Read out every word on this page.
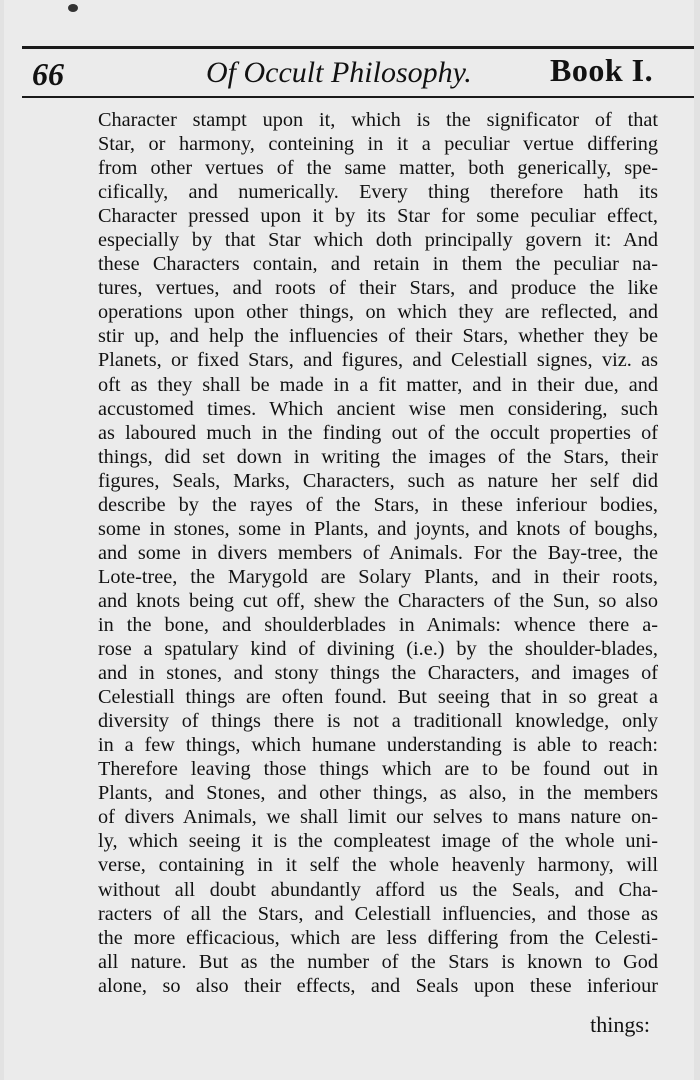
66	Of Occult Philosophy. Book I.
Character stampt upon it, which is the significator of that
Star, or harmony, conteining in it a peculiar vertue differing
from other vertues of the same matter, both generically, spe-
cifically, and numerically. Every thing therefore hath its
Character pressed upon it by its Star for some peculiar effect,
especially by that Star which doth principally govern it: And
these Characters contain, and retain in them the peculiar na-
tures, vertues, and roots of their Stars, and produce the like
operations upon other things, on which they are reflected, and
stir up, and help the influencies of their Stars, whether they be
Planets, or fixed Stars, and figures, and Celestiall signes, viz. as
oft as they shall be made in a fit matter, and in their due, and
accustomed times. Which ancient wise men considering, such
as laboured much in the finding out of the occult properties of
things, did set down in writing the images of the Stars, their
figures, Seals, Marks, Characters, such as nature her self did
describe by the rayes of the Stars, in these inferiour bodies,
some in stones, some in Plants, and joynts, and knots of boughs,
and some in divers members of Animals. For the Bay-tree, the
Lote-tree, the Marygold are Solary Plants, and in their roots,
and knots being cut off, shew the Characters of the Sun, so also
in the bone, and shoulderblades in Animals: whence there a-
rose a spatulary kind of divining (i.e.) by the shoulder-blades,
and in stones, and stony things the Characters, and images of
Celestiall things are often found. But seeing that in so great a
diversity of things there is not a traditionall knowledge, only
in a few things, which humane understanding is able to reach:
Therefore leaving those things which are to be found out in
Plants, and Stones, and other things, as also, in the members
of divers Animals, we shall limit our selves to mans nature on-
ly, which seeing it is the compleatest image of the whole uni-
verse, containing in it self the whole heavenly harmony, will
without all doubt abundantly afford us the Seals, and Cha-
racters of all the Stars, and Celestiall influencies, and those as
the more efficacious, which are less differing from the Celesti-
all nature. But as the number of the Stars is known to God
alone, so also their effects, and Seals upon these inferiour
things:
